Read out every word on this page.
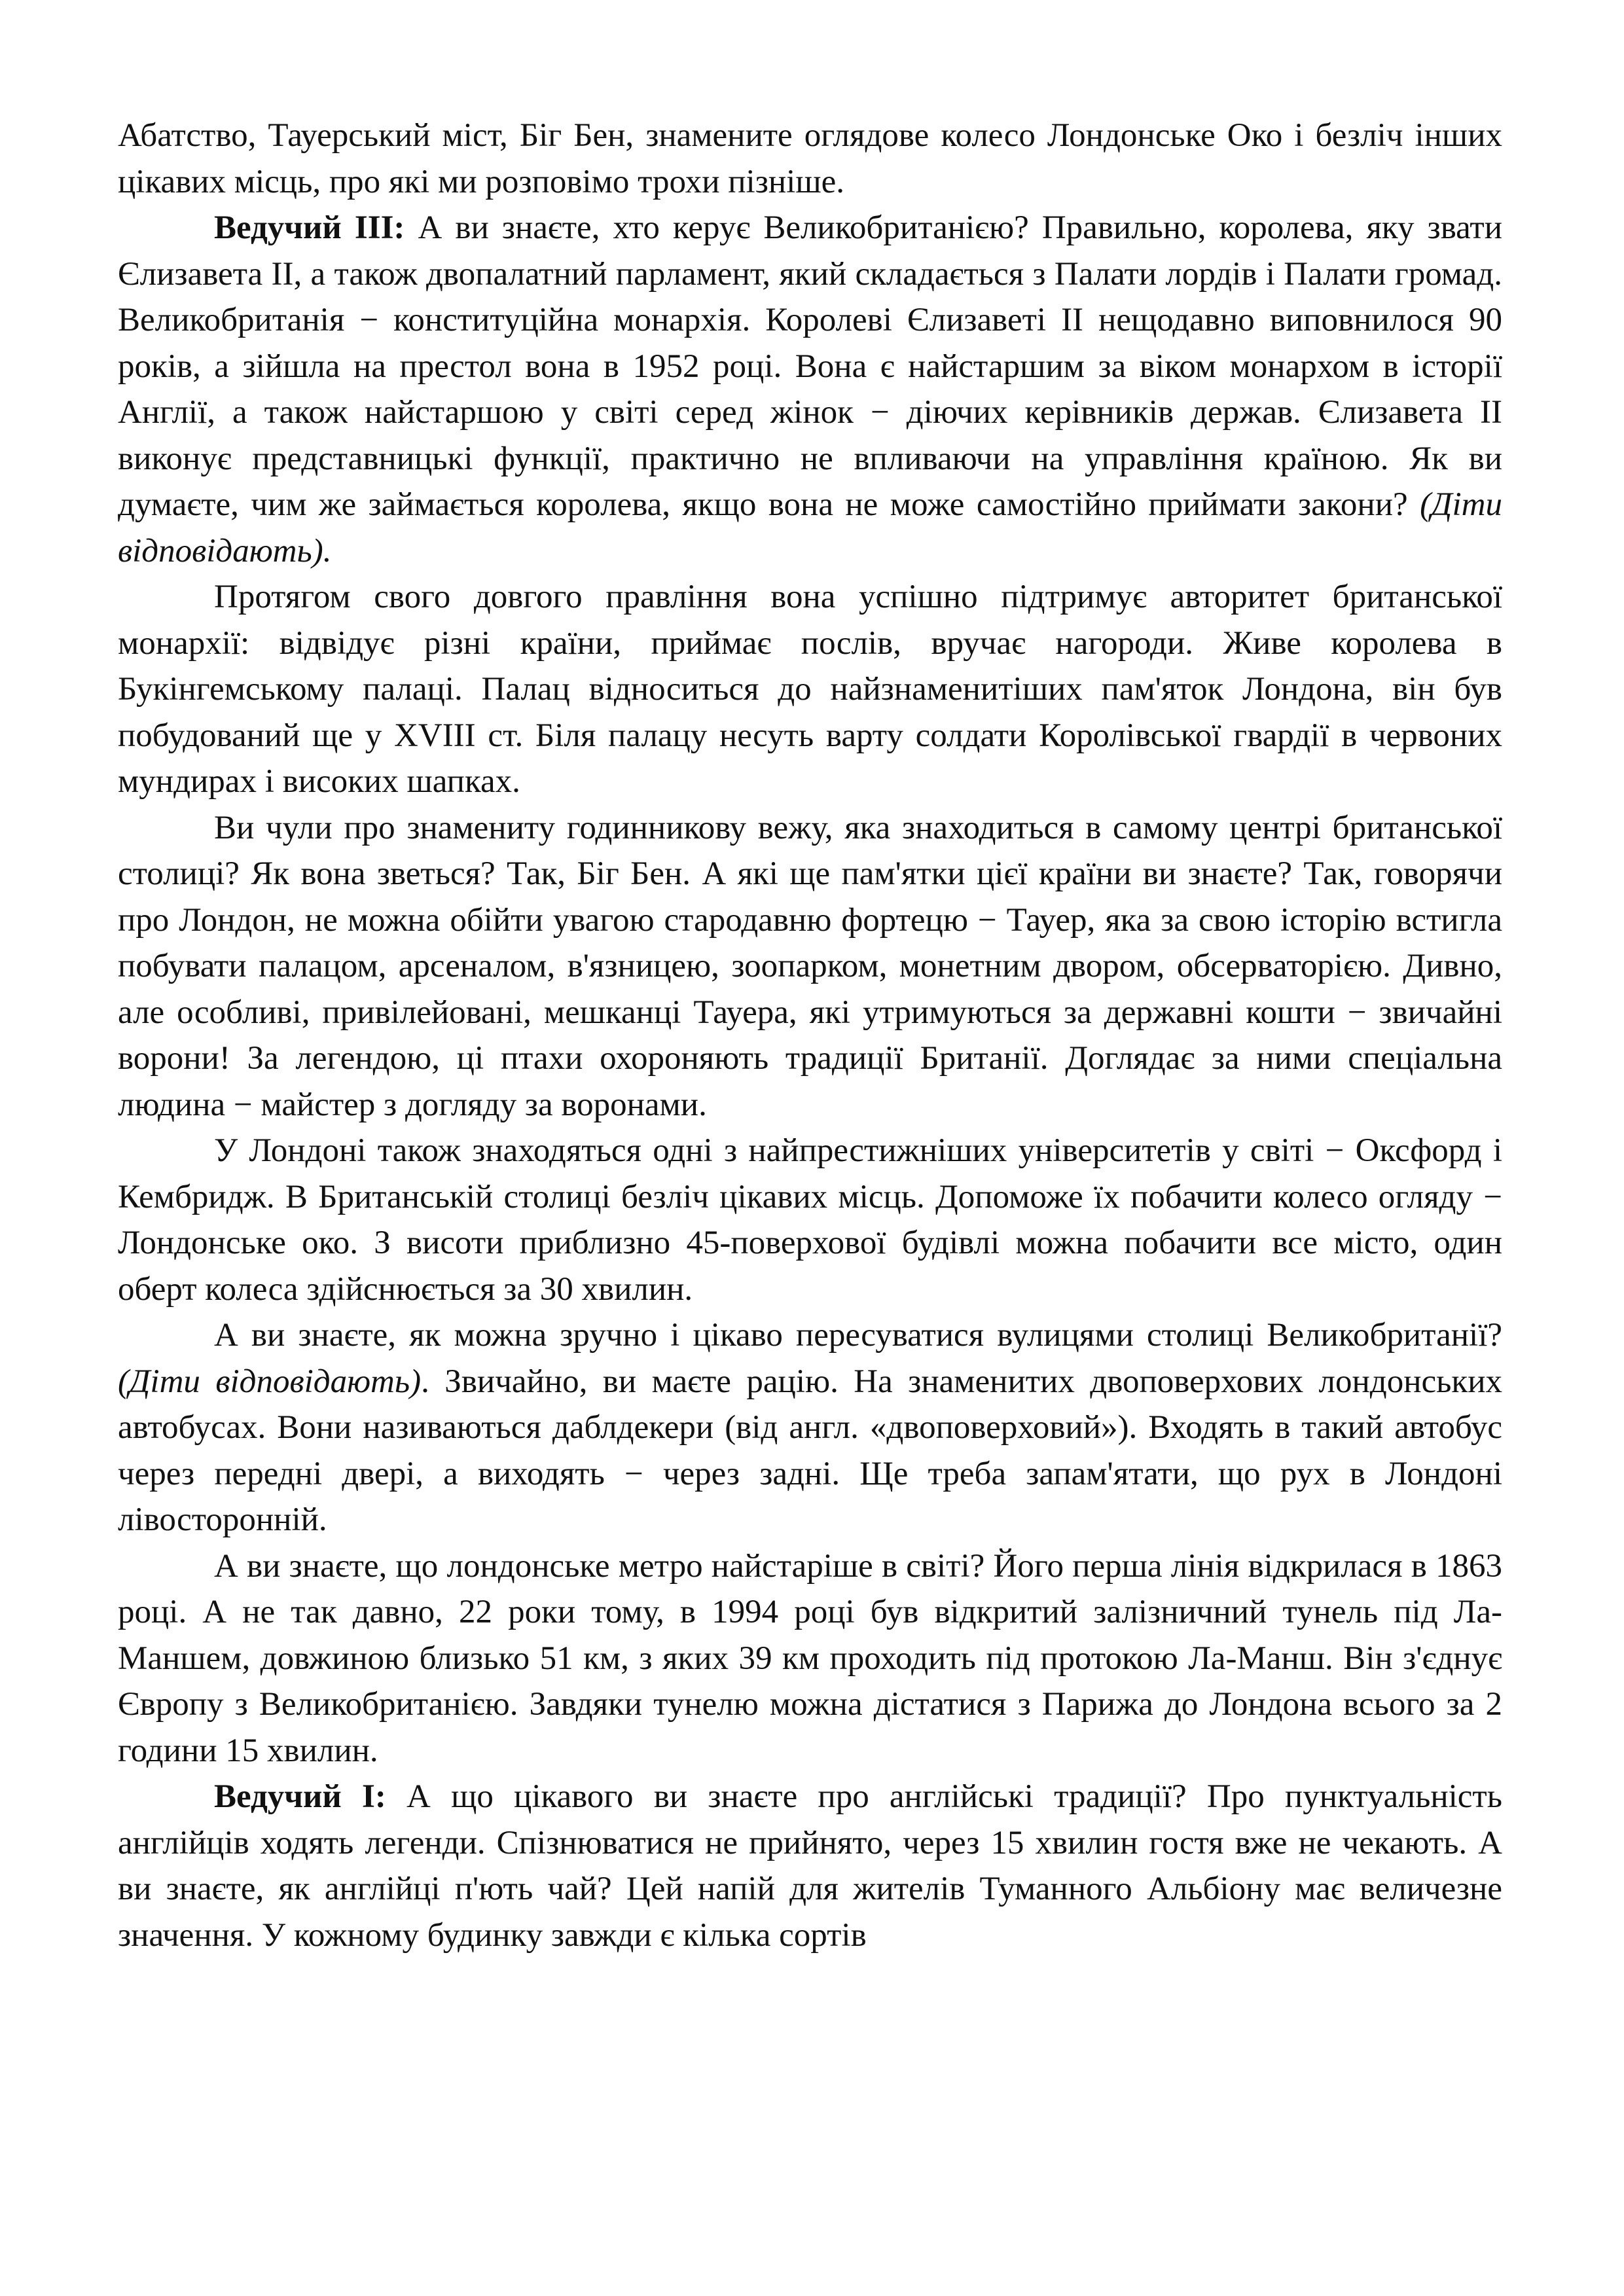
Абатство, Тауерський міст, Біг Бен, знамените оглядове колесо Лондонське Око і безліч інших цікавих місць, про які ми розповімо трохи пізніше.

Ведучий ІІІ: А ви знаєте, хто керує Великобританією? Правильно, королева, яку звати Єлизавета ІІ, а також двопалатний парламент, який складається з Палати лордів і Палати громад. Великобританія − конституційна монархія. Королеві Єлизаветі ІІ нещодавно виповнилося 90 років, а зійшла на престол вона в 1952 році. Вона є найстаршим за віком монархом в історії Англії, а також найстаршою у світі серед жінок − діючих керівників держав. Єлизавета ІІ виконує представницькі функції, практично не впливаючи на управління країною. Як ви думаєте, чим же займається королева, якщо вона не може самостійно приймати закони? (Діти відповідають).

Протягом свого довгого правління вона успішно підтримує авторитет британської монархії: відвідує різні країни, приймає послів, вручає нагороди. Живе королева в Букінгемському палаці. Палац відноситься до найзнаменитіших пам'яток Лондона, він був побудований ще у XVIII ст. Біля палацу несуть варту солдати Королівської гвардії в червоних мундирах і високих шапках.

Ви чули про знамениту годинникову вежу, яка знаходиться в самому центрі британської столиці? Як вона зветься? Так, Біг Бен. А які ще пам'ятки цієї країни ви знаєте? Так, говорячи про Лондон, не можна обійти увагою стародавню фортецю − Тауер, яка за свою історію встигла побувати палацом, арсеналом, в'язницею, зоопарком, монетним двором, обсерваторією. Дивно, але особливі, привілейовані, мешканці Тауера, які утримуються за державні кошти − звичайні ворони! За легендою, ці птахи охороняють традиції Британії. Доглядає за ними спеціальна людина − майстер з догляду за воронами.

У Лондоні також знаходяться одні з найпрестижніших університетів у світі − Оксфорд і Кембридж. В Британській столиці безліч цікавих місць. Допоможе їх побачити колесо огляду − Лондонське око. З висоти приблизно 45-поверхової будівлі можна побачити все місто, один оберт колеса здійснюється за 30 хвилин.

А ви знаєте, як можна зручно і цікаво пересуватися вулицями столиці Великобританії? (Діти відповідають). Звичайно, ви маєте рацію. На знаменитих двоповерхових лондонських автобусах. Вони називаються даблдекери (від англ. «двоповерховий»). Входять в такий автобус через передні двері, а виходять − через задні. Ще треба запам'ятати, що рух в Лондоні лівосторонній.

А ви знаєте, що лондонське метро найстаріше в світі? Його перша лінія відкрилася в 1863 році. А не так давно, 22 роки тому, в 1994 році був відкритий залізничний тунель під Ла-Маншем, довжиною близько 51 км, з яких 39 км проходить під протокою Ла-Манш. Він з'єднує Європу з Великобританією. Завдяки тунелю можна дістатися з Парижа до Лондона всього за 2 години 15 хвилин.

Ведучий І: А що цікавого ви знаєте про англійські традиції? Про пунктуальність англійців ходять легенди. Спізнюватися не прийнято, через 15 хвилин гостя вже не чекають. А ви знаєте, як англійці п'ють чай? Цей напій для жителів Туманного Альбіону має величезне значення. У кожному будинку завжди є кілька сортів
